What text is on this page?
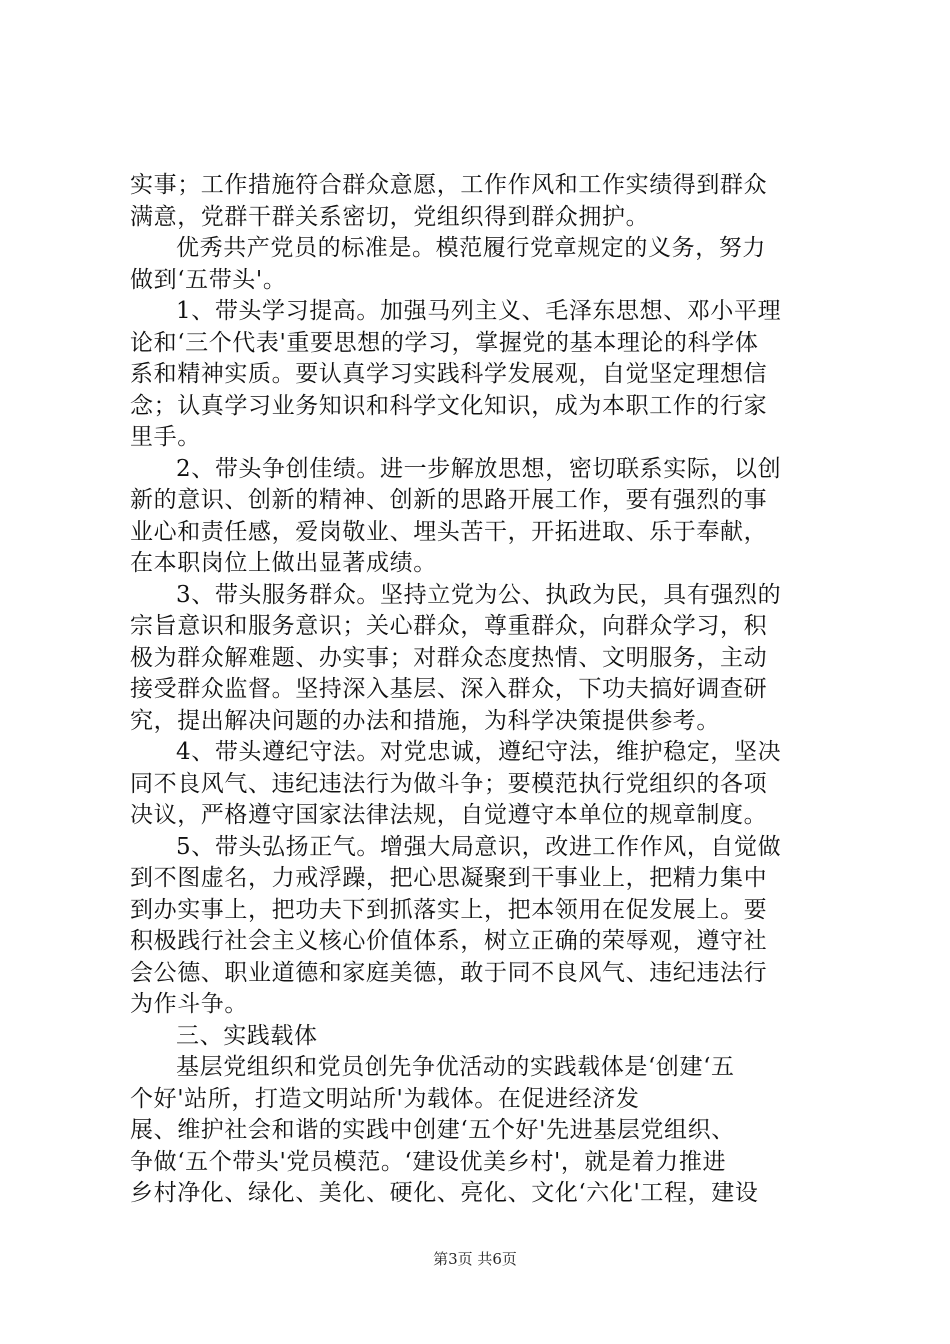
实事；工作措施符合群众意愿，工作作风和工作实绩得到群众
满意，党群干群关系密切，党组织得到群众拥护。
优秀共产党员的标准是。模范履行党章规定的义务，努力
做到‘五带头'。
1、带头学习提高。加强马列主义、毛泽东思想、邓小平理
论和‘三个代表'重要思想的学习，掌握党的基本理论的科学体
系和精神实质。要认真学习实践科学发展观，自觉坚定理想信
念；认真学习业务知识和科学文化知识，成为本职工作的行家
里手。
2、带头争创佳绩。进一步解放思想，密切联系实际，以创
新的意识、创新的精神、创新的思路开展工作，要有强烈的事
业心和责任感，爱岗敬业、埋头苦干，开拓进取、乐于奉献，
在本职岗位上做出显著成绩。
3、带头服务群众。坚持立党为公、执政为民，具有强烈的
宗旨意识和服务意识；关心群众，尊重群众，向群众学习，积
极为群众解难题、办实事；对群众态度热情、文明服务，主动
接受群众监督。坚持深入基层、深入群众，下功夫搞好调查研
究，提出解决问题的办法和措施，为科学决策提供参考。
4、带头遵纪守法。对党忠诚，遵纪守法，维护稳定，坚决
同不良风气、违纪违法行为做斗争；要模范执行党组织的各项
决议，严格遵守国家法律法规，自觉遵守本单位的规章制度。
5、带头弘扬正气。增强大局意识，改进工作作风，自觉做
到不图虚名，力戒浮躁，把心思凝聚到干事业上，把精力集中
到办实事上，把功夫下到抓落实上，把本领用在促发展上。要
积极践行社会主义核心价值体系，树立正确的荣辱观，遵守社
会公德、职业道德和家庭美德，敢于同不良风气、违纪违法行
为作斗争。
三、实践载体
基层党组织和党员创先争优活动的实践载体是‘创建‘五
个好'站所，打造文明站所'为载体。在促进经济发
展、维护社会和谐的实践中创建‘五个好'先进基层党组织、
争做‘五个带头'党员模范。‘建设优美乡村'，就是着力推进
乡村净化、绿化、美化、硬化、亮化、文化‘六化'工程，建设
第3页 共6页
